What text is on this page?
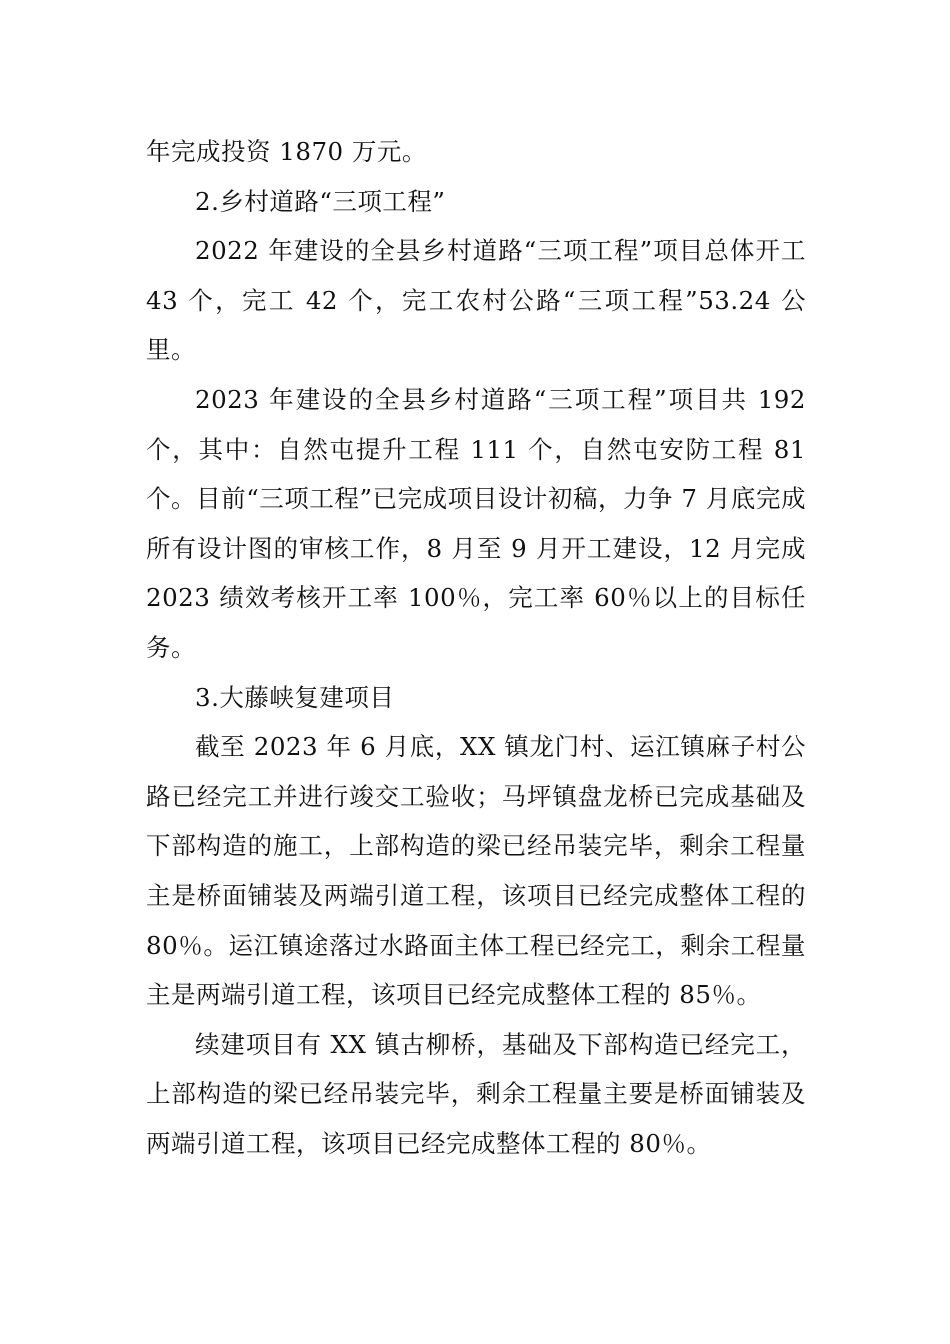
年完成投资 1870 万元。

2.乡村道路“三项工程”

2022 年建设的全县乡村道路“三项工程”项目总体开工 43 个，完工 42 个，完工农村公路“三项工程”53.24 公里。

2023 年建设的全县乡村道路“三项工程”项目共 192 个，其中：自然屯提升工程 111 个，自然屯安防工程 81 个。目前“三项工程”已完成项目设计初稿，力争 7 月底完成所有设计图的审核工作，8 月至 9 月开工建设，12 月完成 2023 绩效考核开工率 100％，完工率 60％以上的目标任务。

3.大藤峡复建项目

截至 2023 年 6 月底，XX 镇龙门村、运江镇麻子村公路已经完工并进行竣交工验收；马坪镇盘龙桥已完成基础及下部构造的施工，上部构造的梁已经吊装完毕，剩余工程量主是桥面铺装及两端引道工程，该项目已经完成整体工程的 80％。运江镇途落过水路面主体工程已经完工，剩余工程量主是两端引道工程，该项目已经完成整体工程的 85％。

续建项目有 XX 镇古柳桥，基础及下部构造已经完工，上部构造的梁已经吊装完毕，剩余工程量主要是桥面铺装及两端引道工程，该项目已经完成整体工程的 80％。
